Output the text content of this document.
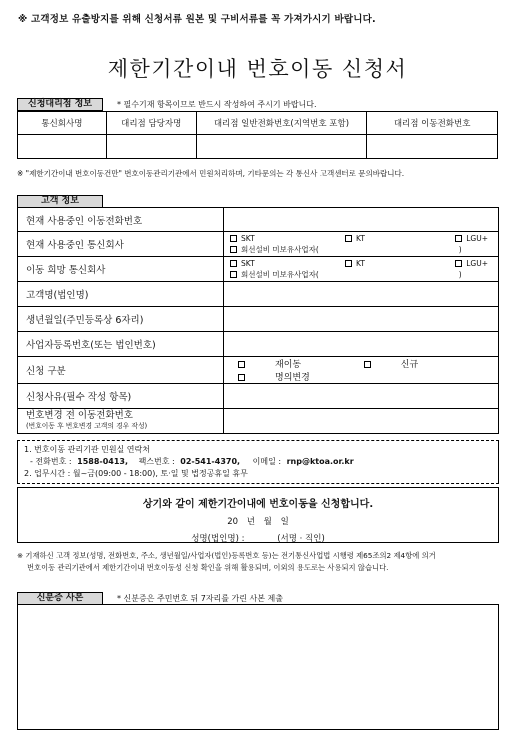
※ 고객정보 유출방지를 위해 신청서류 원본 및 구비서류를 꼭 가져가시기 바랍니다.
제한기간이내 번호이동 신청서
신청대리점 정보	* 필수기재 항목이므로 반드시 작성하여 주시기 바랍니다.
통신회사명	대리점 담당자명	대리점 일반전화번호(지역번호 포함)	대리점 이동전화번호

※ "제한기간이내 번호이동건만" 번호이동관리기관에서 민원처리하며, 기타문의는 각 통신사 고객센터로 문의바랍니다.
고객 정보
현재 사용중인 이동전화번호	
현재 사용중인 통신회사	SKT KT LGU+
회선설비 미보유사업자( )

이동 희망 통신회사	SKT KT LGU+
회선설비 미보유사업자( )

고객명(법인명)	
생년월일(주민등록상 6자리)	
사업자등록번호(또는 법인번호)	
신청 구분	재이동 신규 명의변경
신청사유(필수 작성 항목)	

번호변경 전 이동전화번호
(번호이동 후 번호변경 고객의 경우 작성)	

1. 번호이동 관리기관 민원실 연락처
- 전화번호 : 1588-0413, 팩스번호 : 02-541-4370, 이메일 : rnp@ktoa.or.kr
2. 업무시간 : 월~금(09:00 - 18:00), 토·일 및 법정공휴일 휴무
상기와 같이 제한기간이내에 번호이동을 신청합니다.
20 년 월 일
성명(법인명) :	(서명 · 직인)
※ 기재하신 고객 정보(성명, 전화번호, 주소, 생년월일/사업자(법인)등록번호 등)는 전기통신사업법 시행령 제65조의2 제4항에 의거
번호이동 관리기관에서 제한기간이내 번호이동성 신청 확인을 위해 활용되며, 이외의 용도로는 사용되지 않습니다.
신분증 사본	* 신분증은 주민번호 뒤 7자리를 가린 사본 제출
